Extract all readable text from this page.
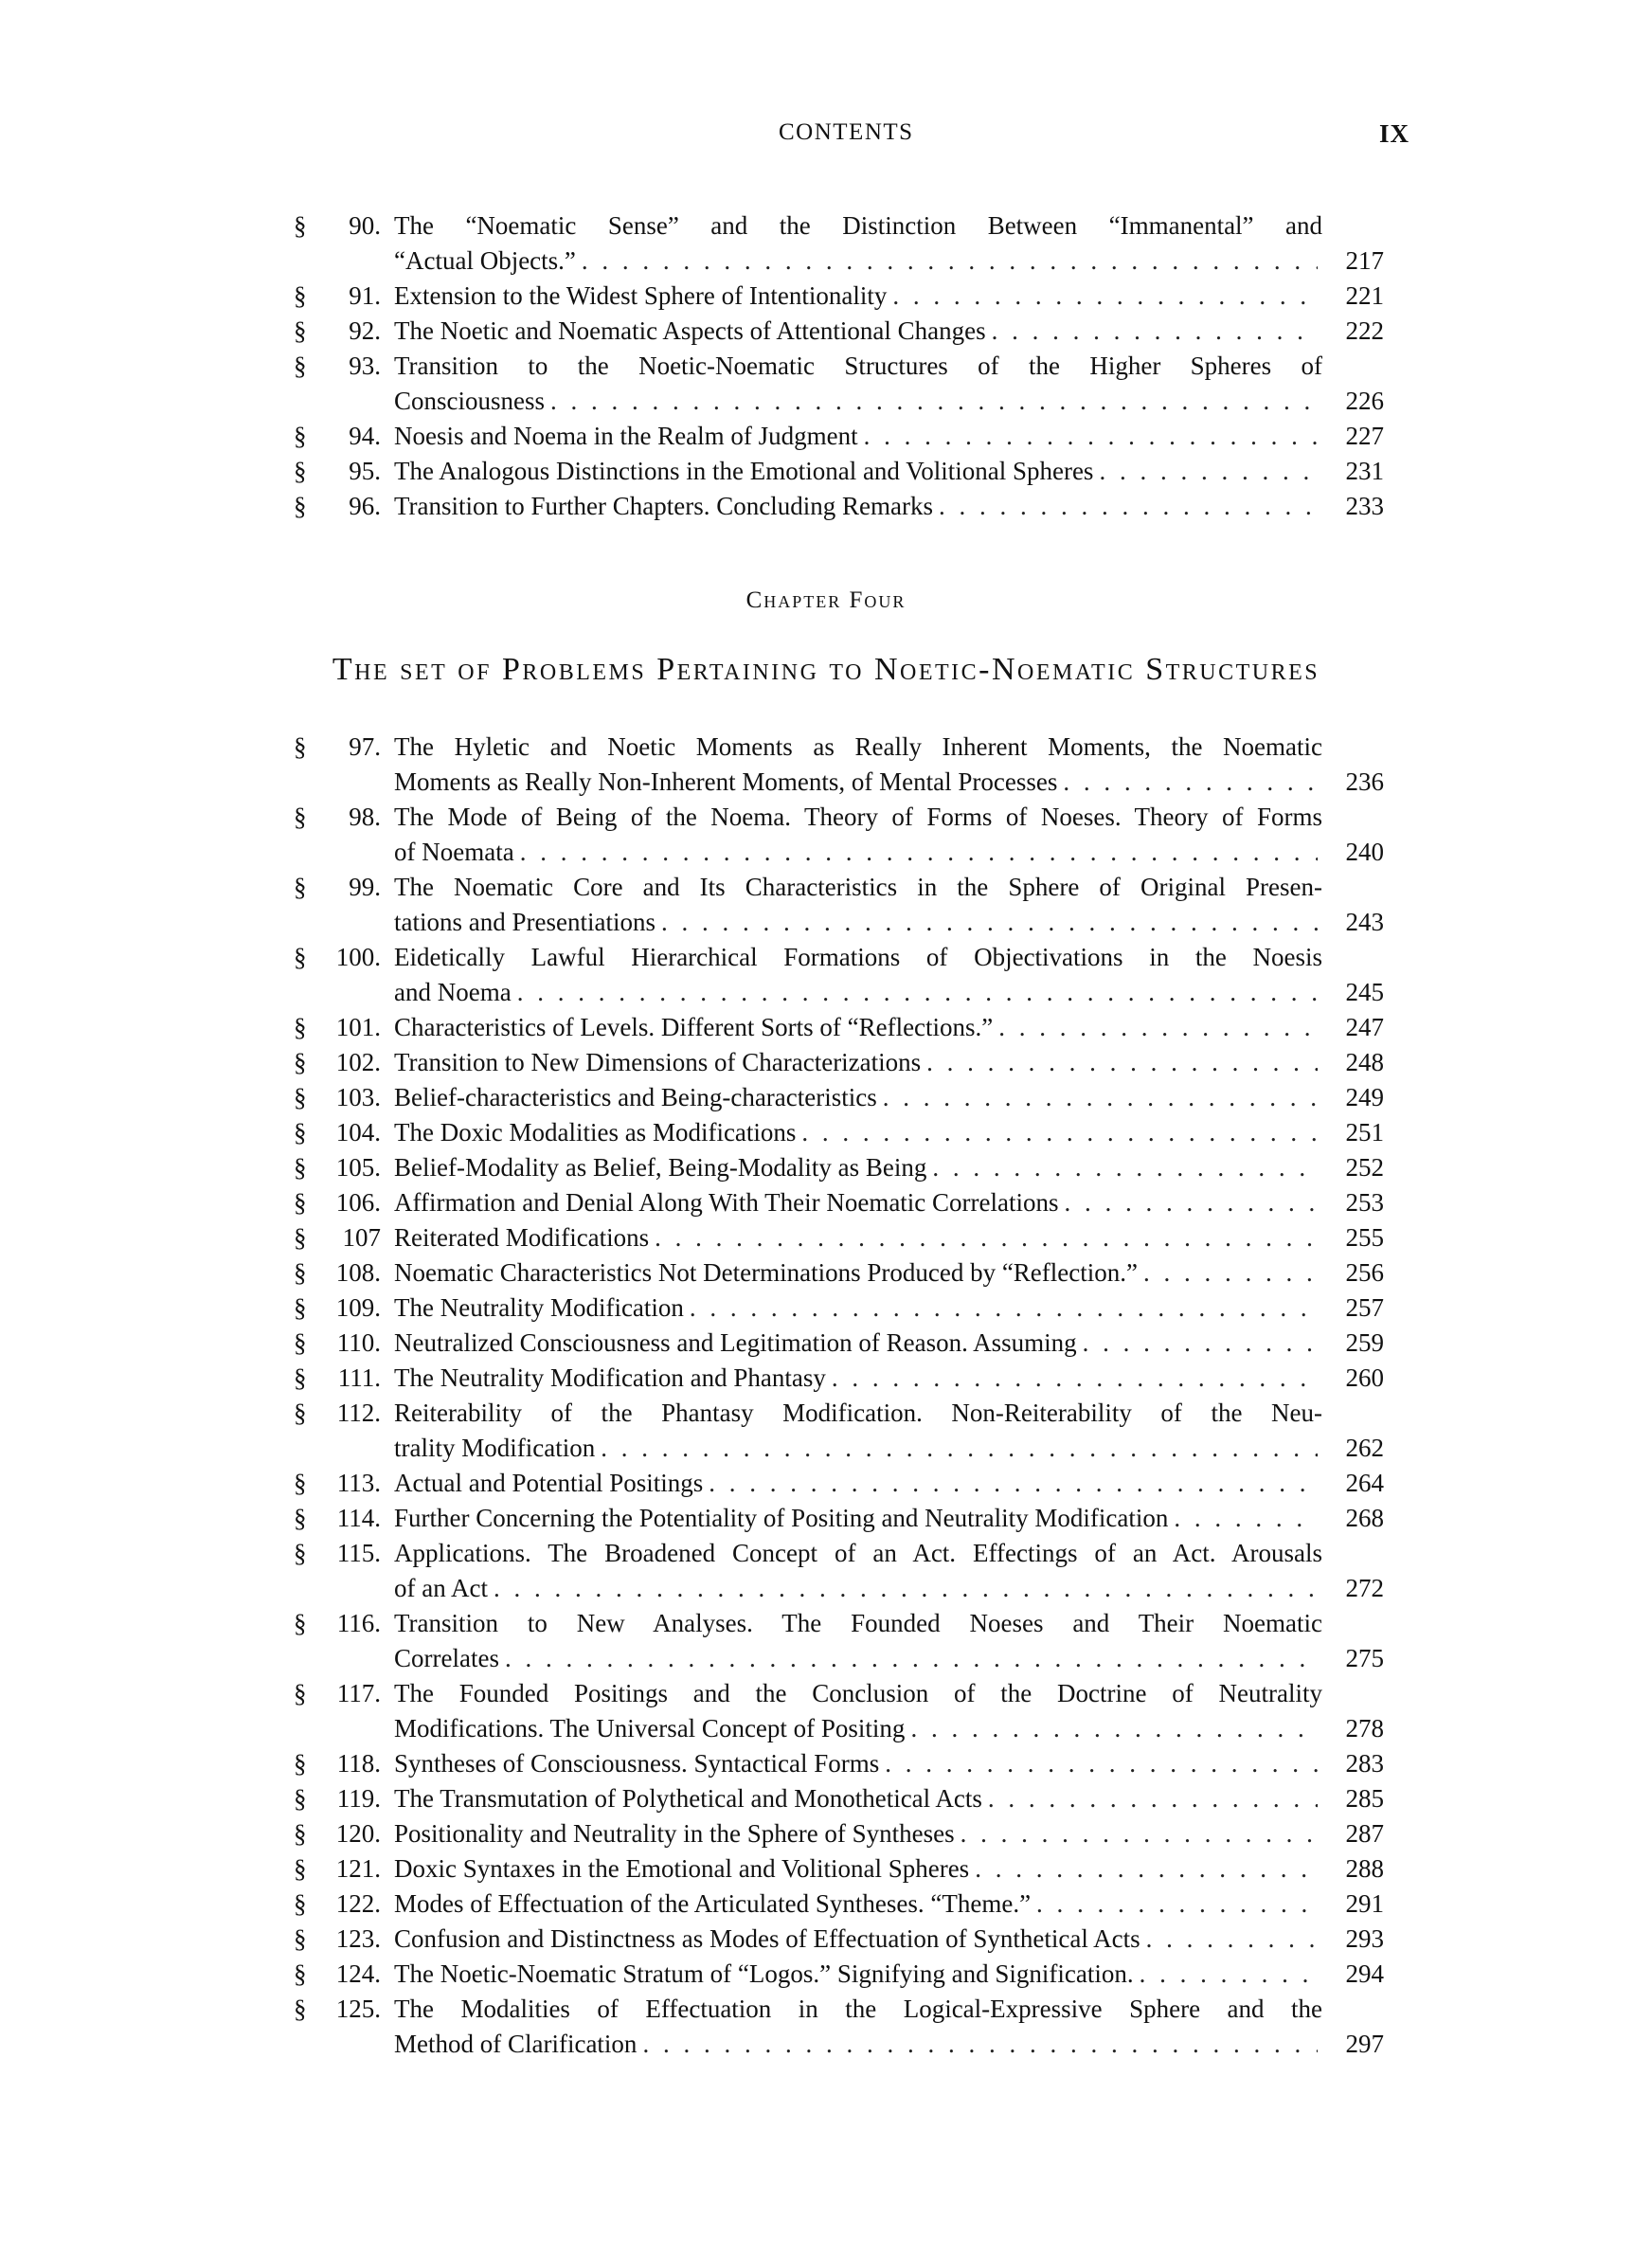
CONTENTS	IX
§	90. The “Noematic Sense” and the Distinction Between “Immanental” and
“Actual Objects.” . . .	217
§	91. Extension to the Widest Sphere of Intentionality . . .	221
§	92. The Noetic and Noematic Aspects of Attentional Changes . . .	222
§	93. Transition to the Noetic-Noematic Structures of the Higher Spheres of
Consciousness . . .	226
§	94. Noesis and Noema in the Realm of Judgment . . .	227
§	95. The Analogous Distinctions in the Emotional and Volitional Spheres . . .	231
§	96. Transition to Further Chapters. Concluding Remarks . . .	233
Chapter Four
The set of Problems Pertaining to Noetic-Noematic Structures
§	97. The Hyletic and Noetic Moments as Really Inherent Moments, the Noematic
Moments as Really Non-Inherent Moments, of Mental Processes . . .	236
§	98. The Mode of Being of the Noema. Theory of Forms of Noeses. Theory of Forms
of Noemata . . .	240
§	99. The Noematic Core and Its Characteristics in the Sphere of Original Presen-
tations and Presentiations . . .	243
§ 100. Eidetically Lawful Hierarchical Formations of Objectivations in the Noesis
and Noema . . .	245
§ 101. Characteristics of Levels. Different Sorts of “Reflections.” . . .	247
§ 102. Transition to New Dimensions of Characterizations . . .	248
§ 103. Belief-characteristics and Being-characteristics . . .	249
§ 104. The Doxic Modalities as Modifications . . .	251
§ 105. Belief-Modality as Belief, Being-Modality as Being . . .	252
§ 106. Affirmation and Denial Along With Their Noematic Correlations . . .	253
§	107 Reiterated Modifications . . .	255
§ 108. Noematic Characteristics Not Determinations Produced by “Reflection.” . . .	256
§ 109. The Neutrality Modification . . .	257
§ 110. Neutralized Consciousness and Legitimation of Reason. Assuming . . .	259
§ 111. The Neutrality Modification and Phantasy . . .	260
§ 112. Reiterability of the Phantasy Modification. Non-Reiterability of the Neu-
trality Modification . . .	262
§ 113. Actual and Potential Positings . . .	264
§ 114. Further Concerning the Potentiality of Positing and Neutrality Modification . . .	268
§ 115. Applications. The Broadened Concept of an Act. Effectings of an Act. Arousals
of an Act . . .	272
§ 116. Transition to New Analyses. The Founded Noeses and Their Noematic
Correlates . . .	275
§ 117. The Founded Positings and the Conclusion of the Doctrine of Neutrality
Modifications. The Universal Concept of Positing . . .	278
§ 118. Syntheses of Consciousness. Syntactical Forms . . .	283
§ 119. The Transmutation of Polythetical and Monothetical Acts . . .	285
§ 120. Positionality and Neutrality in the Sphere of Syntheses . . .	287
§ 121. Doxic Syntaxes in the Emotional and Volitional Spheres . . .	288
§ 122. Modes of Effectuation of the Articulated Syntheses. “Theme.” . . .	291
§ 123. Confusion and Distinctness as Modes of Effectuation of Synthetical Acts . . .	293
§ 124. The Noetic-Noematic Stratum of “Logos.” Signifying and Signification. . . .	294
§ 125. The Modalities of Effectuation in the Logical-Expressive Sphere and the
Method of Clarification . . .	297
